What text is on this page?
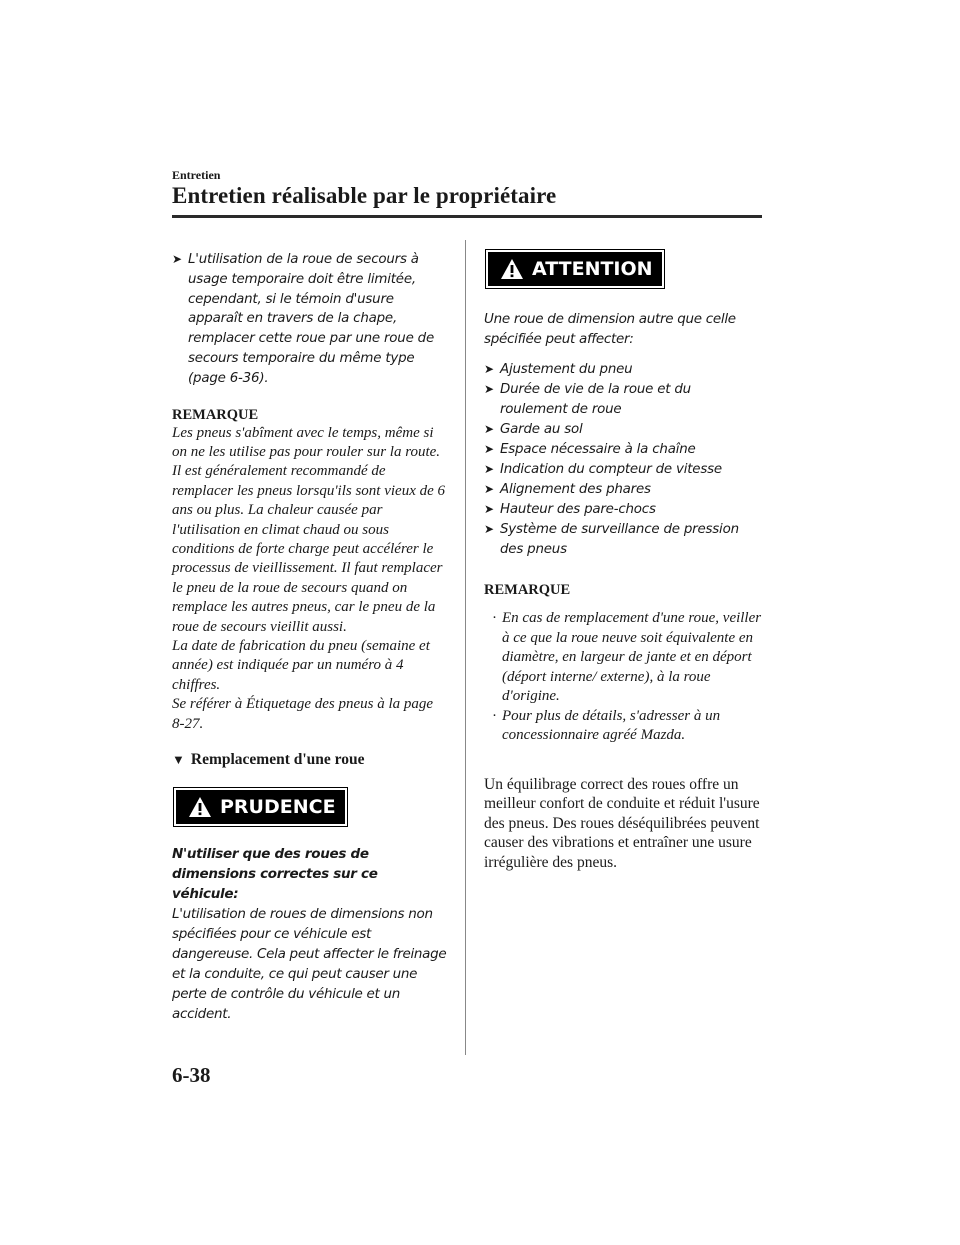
Entretien
Entretien réalisable par le propriétaire
➤ L'utilisation de la roue de secours à usage temporaire doit être limitée, cependant, si le témoin d'usure apparaît en travers de la chape, remplacer cette roue par une roue de secours temporaire du même type (page 6-36).
REMARQUE
Les pneus s'abîment avec le temps, même si on ne les utilise pas pour rouler sur la route. Il est généralement recommandé de remplacer les pneus lorsqu'ils sont vieux de 6 ans ou plus. La chaleur causée par l'utilisation en climat chaud ou sous conditions de forte charge peut accélérer le processus de vieillissement. Il faut remplacer le pneu de la roue de secours quand on remplace les autres pneus, car le pneu de la roue de secours vieillit aussi.
La date de fabrication du pneu (semaine et année) est indiquée par un numéro à 4 chiffres.
Se référer à Étiquetage des pneus à la page 8-27.
▼ Remplacement d'une roue
PRUDENCE
N'utiliser que des roues de dimensions correctes sur ce véhicule:
L'utilisation de roues de dimensions non spécifiées pour ce véhicule est dangereuse. Cela peut affecter le freinage et la conduite, ce qui peut causer une perte de contrôle du véhicule et un accident.
ATTENTION
Une roue de dimension autre que celle spécifiée peut affecter:
➤ Ajustement du pneu
➤ Durée de vie de la roue et du roulement de roue
➤ Garde au sol
➤ Espace nécessaire à la chaîne
➤ Indication du compteur de vitesse
➤ Alignement des phares
➤ Hauteur des pare-chocs
➤ Système de surveillance de pression des pneus
REMARQUE
· En cas de remplacement d'une roue, veiller à ce que la roue neuve soit équivalente en diamètre, en largeur de jante et en déport (déport interne/ externe), à la roue d'origine.
· Pour plus de détails, s'adresser à un concessionnaire agréé Mazda.
Un équilibrage correct des roues offre un meilleur confort de conduite et réduit l'usure des pneus. Des roues déséquilibrées peuvent causer des vibrations et entraîner une usure irrégulière des pneus.
6-38
